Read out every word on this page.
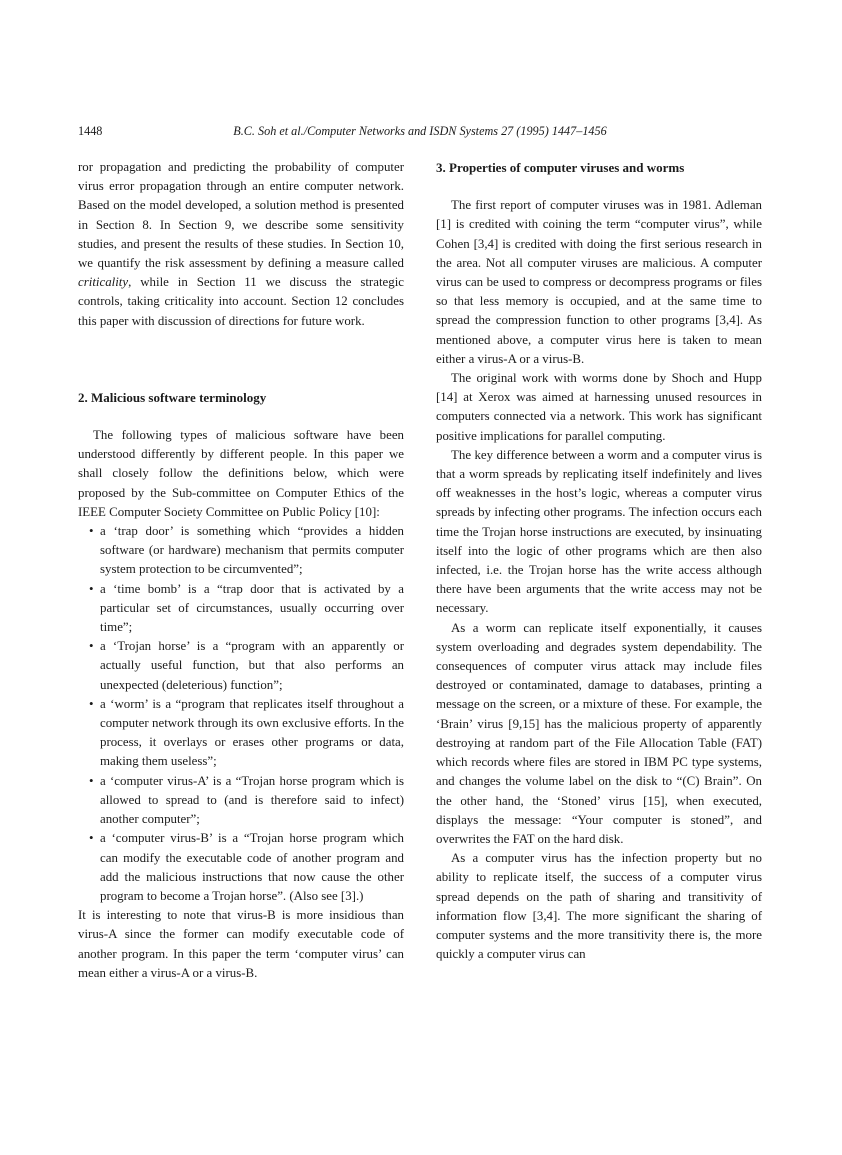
1448	B.C. Soh et al./Computer Networks and ISDN Systems 27 (1995) 1447–1456

ror propagation and predicting the probability of computer virus error propagation through an entire computer network. Based on the model developed, a solution method is presented in Section 8. In Section 9, we describe some sensitivity studies, and present the results of these studies. In Section 10, we quantify the risk assessment by defining a measure called criticality, while in Section 11 we discuss the strategic controls, taking criticality into account. Section 12 concludes this paper with discussion of directions for future work.

2. Malicious software terminology

The following types of malicious software have been understood differently by different people. In this paper we shall closely follow the definitions below, which were proposed by the Sub-committee on Computer Ethics of the IEEE Computer Society Committee on Public Policy [10]:

• a ‘trap door’ is something which “provides a hidden software (or hardware) mechanism that permits computer system protection to be circumvented”;
• a ‘time bomb’ is a “trap door that is activated by a particular set of circumstances, usually occurring over time”;
• a ‘Trojan horse’ is a “program with an apparently or actually useful function, but that also performs an unexpected (deleterious) function”;
• a ‘worm’ is a “program that replicates itself throughout a computer network through its own exclusive efforts. In the process, it overlays or erases other programs or data, making them useless”;
• a ‘computer virus-A’ is a “Trojan horse program which is allowed to spread to (and is therefore said to infect) another computer”;
• a ‘computer virus-B’ is a “Trojan horse program which can modify the executable code of another program and add the malicious instructions that now cause the other program to become a Trojan horse”. (Also see [3].)

It is interesting to note that virus-B is more insidious than virus-A since the former can modify executable code of another program. In this paper the term ‘computer virus’ can mean either a virus-A or a virus-B.

3. Properties of computer viruses and worms

The first report of computer viruses was in 1981. Adleman [1] is credited with coining the term “computer virus”, while Cohen [3,4] is credited with doing the first serious research in the area. Not all computer viruses are malicious. A computer virus can be used to compress or decompress programs or files so that less memory is occupied, and at the same time to spread the compression function to other programs [3,4]. As mentioned above, a computer virus here is taken to mean either a virus-A or a virus-B.

The original work with worms done by Shoch and Hupp [14] at Xerox was aimed at harnessing unused resources in computers connected via a network. This work has significant positive implications for parallel computing.

The key difference between a worm and a computer virus is that a worm spreads by replicating itself indefinitely and lives off weaknesses in the host’s logic, whereas a computer virus spreads by infecting other programs. The infection occurs each time the Trojan horse instructions are executed, by insinuating itself into the logic of other programs which are then also infected, i.e. the Trojan horse has the write access although there have been arguments that the write access may not be necessary.

As a worm can replicate itself exponentially, it causes system overloading and degrades system dependability. The consequences of computer virus attack may include files destroyed or contaminated, damage to databases, printing a message on the screen, or a mixture of these. For example, the ‘Brain’ virus [9,15] has the malicious property of apparently destroying at random part of the File Allocation Table (FAT) which records where files are stored in IBM PC type systems, and changes the volume label on the disk to “(C) Brain”. On the other hand, the ‘Stoned’ virus [15], when executed, displays the message: “Your computer is stoned”, and overwrites the FAT on the hard disk.

As a computer virus has the infection property but no ability to replicate itself, the success of a computer virus spread depends on the path of sharing and transitivity of information flow [3,4]. The more significant the sharing of computer systems and the more transitivity there is, the more quickly a computer virus can
